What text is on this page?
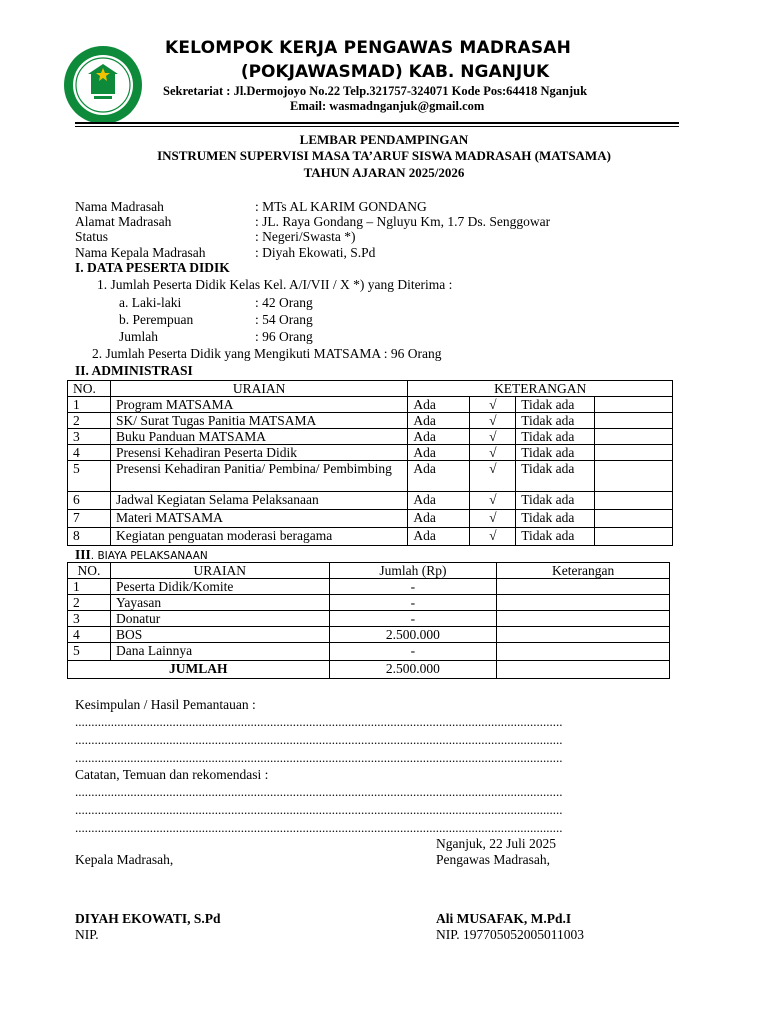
KELOMPOK KERJA PENGAWAS MADRASAH
(POKJAWASMAD) KAB. NGANJUK
Sekretariat : Jl.Dermojoyo No.22 Telp.321757-324071 Kode Pos:64418 Nganjuk
Email: wasmadnganjuk@gmail.com
LEMBAR PENDAMPINGAN
INSTRUMEN SUPERVISI MASA TA’ARUF SISWA MADRASAH (MATSAMA)
TAHUN AJARAN 2025/2026
Nama Madrasah	: MTs AL KARIM GONDANG
Alamat Madrasah	: JL. Raya Gondang – Ngluyu Km, 1.7 Ds. Senggowar
Status	: Negeri/Swasta *)
Nama Kepala Madrasah	: Diyah Ekowati, S.Pd
I. DATA PESERTA DIDIK
1. Jumlah Peserta Didik Kelas Kel. A/I/VII / X *) yang Diterima :
a. Laki-laki	: 42 Orang
b. Perempuan	: 54 Orang
Jumlah	: 96 Orang
2. Jumlah Peserta Didik yang Mengikuti MATSAMA : 96 Orang
II. ADMINISTRASI
NO.	URAIAN	KETERANGAN			
1	Program MATSAMA	Ada	√	Tidak ada	
2	SK/ Surat Tugas Panitia MATSAMA	Ada	√	Tidak ada	
3	Buku Panduan MATSAMA	Ada	√	Tidak ada	
4	Presensi Kehadiran Peserta Didik	Ada	√	Tidak ada	
5	Presensi Kehadiran Panitia/ Pembina/ Pembimbing	Ada	√	Tidak ada	
6	Jadwal Kegiatan Selama Pelaksanaan	Ada	√	Tidak ada	
7	Materi MATSAMA	Ada	√	Tidak ada	
8	Kegiatan penguatan moderasi beragama	Ada	√	Tidak ada	
III. BIAYA PELAKSANAAN
NO.	URAIAN	Jumlah (Rp)	Keterangan
1	Peserta Didik/Komite	-	
2	Yayasan	-	
3	Donatur	-	
4	BOS	2.500.000	
5	Dana Lainnya	-	
JUMLAH		2.500.000	
Kesimpulan / Hasil Pemantauan :
......................................................................................................................................................
......................................................................................................................................................
......................................................................................................................................................
Catatan, Temuan dan rekomendasi :
......................................................................................................................................................
......................................................................................................................................................
......................................................................................................................................................
Nganjuk, 22 Juli 2025
Kepala Madrasah,	Pengawas Madrasah,
DIYAH EKOWATI, S.Pd	Ali MUSAFAK, M.Pd.I
NIP.	NIP. 197705052005011003
